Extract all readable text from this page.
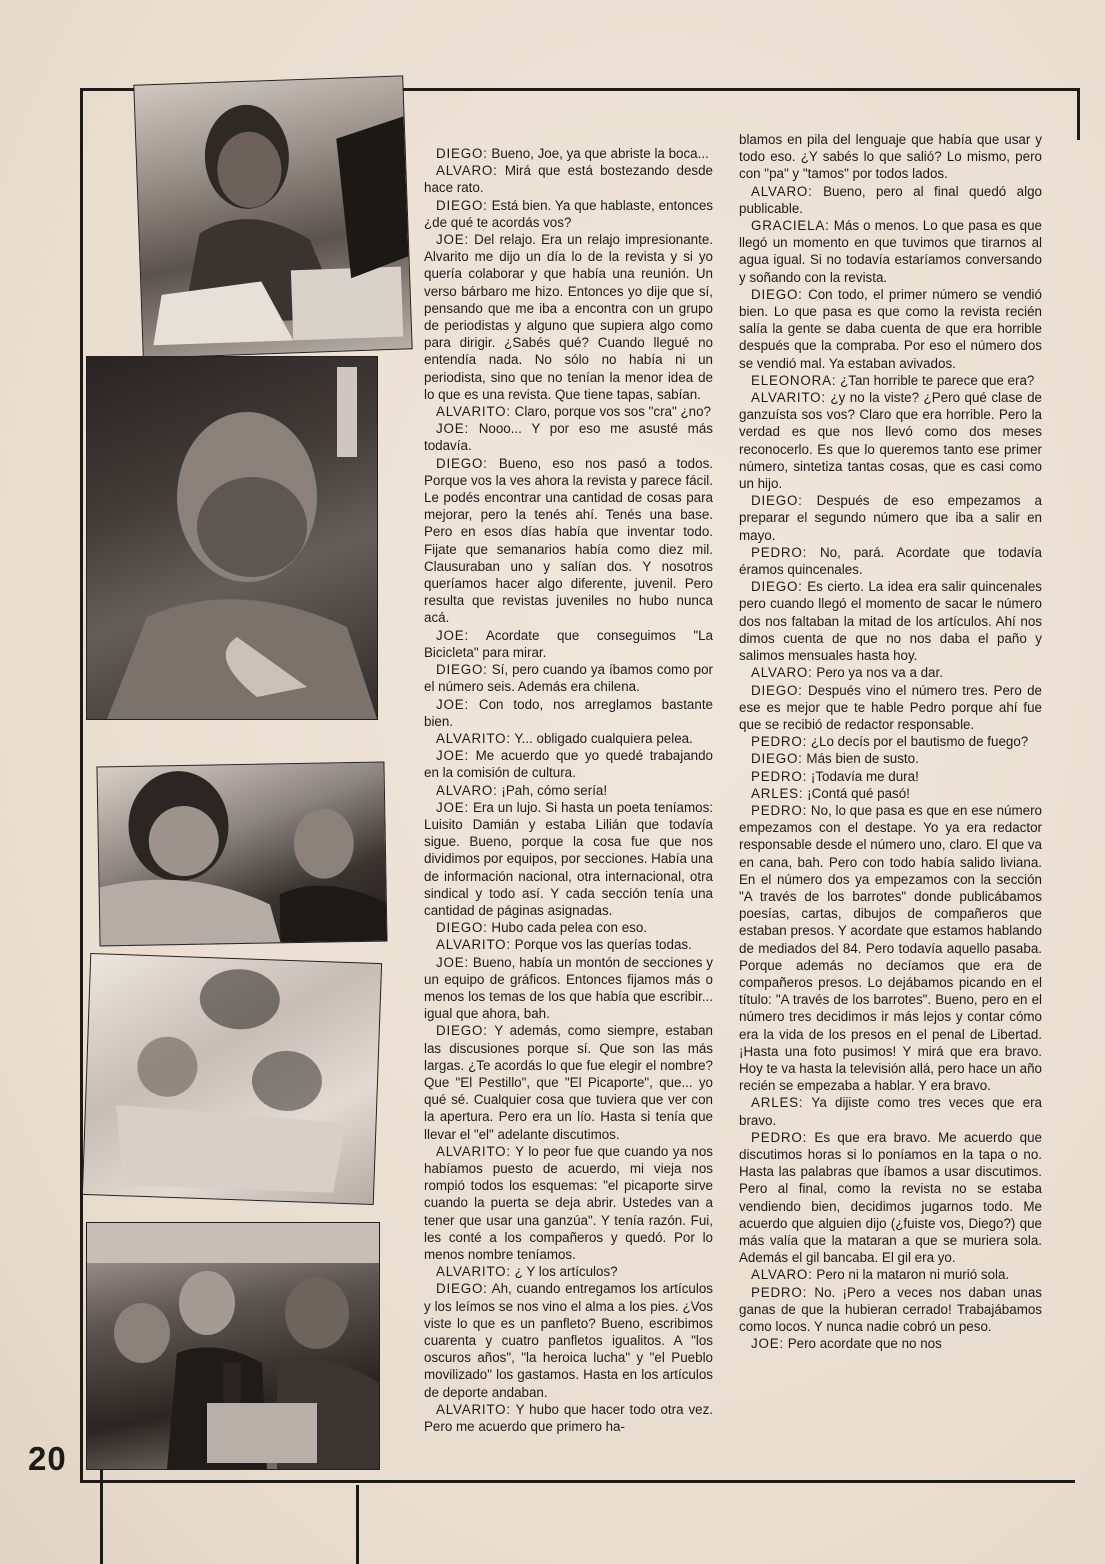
DIEGO: Bueno, Joe, ya que abriste la boca...

ALVARO: Mirá que está bostezando desde hace rato.

DIEGO: Está bien. Ya que hablaste, entonces ¿de qué te acordás vos?

JOE: Del relajo. Era un relajo impresionante. Alvarito me dijo un día lo de la revista y si yo quería colaborar y que había una reunión. Un verso bárbaro me hizo. Entonces yo dije que sí, pensando que me iba a encontra con un grupo de periodistas y alguno que supiera algo como para dirigir. ¿Sabés qué? Cuando llegué no entendía nada. No sólo no había ni un periodista, sino que no tenían la menor idea de lo que es una revista. Que tiene tapas, sabían.

ALVARITO: Claro, porque vos sos "cra" ¿no?

JOE: Nooo... Y por eso me asusté más todavía.

DIEGO: Bueno, eso nos pasó a todos. Porque vos la ves ahora la revista y parece fácil. Le podés encontrar una cantidad de cosas para mejorar, pero la tenés ahí. Tenés una base. Pero en esos días había que inventar todo. Fijate que semanarios había como diez mil. Clausuraban uno y salían dos. Y nosotros queríamos hacer algo diferente, juvenil. Pero resulta que revistas juveniles no hubo nunca acá.

JOE: Acordate que conseguimos "La Bicicleta" para mirar.

DIEGO: Sí, pero cuando ya íbamos como por el número seis. Además era chilena.

JOE: Con todo, nos arreglamos bastante bien.

ALVARITO: Y... obligado cualquiera pelea.

JOE: Me acuerdo que yo quedé trabajando en la comisión de cultura.

ALVARO: ¡Pah, cómo sería!

JOE: Era un lujo. Si hasta un poeta teníamos: Luisito Damián y estaba Lilián que todavía sigue. Bueno, porque la cosa fue que nos dividimos por equipos, por secciones. Había una de información nacional, otra internacional, otra sindical y todo así. Y cada sección tenía una cantidad de páginas asignadas.

DIEGO: Hubo cada pelea con eso.

ALVARITO: Porque vos las querías todas.

JOE: Bueno, había un montón de secciones y un equipo de gráficos. Entonces fijamos más o menos los temas de los que había que escribir... igual que ahora, bah.

DIEGO: Y además, como siempre, estaban las discusiones porque sí. Que son las más largas. ¿Te acordás lo que fue elegir el nombre? Que "El Pestillo", que "El Picaporte", que... yo qué sé. Cualquier cosa que tuviera que ver con la apertura. Pero era un lío. Hasta si tenía que llevar el "el" adelante discutimos.

ALVARITO: Y lo peor fue que cuando ya nos habíamos puesto de acuerdo, mi vieja nos rompió todos los esquemas: "el picaporte sirve cuando la puerta se deja abrir. Ustedes van a tener que usar una ganzúa". Y tenía razón. Fui, les conté a los compañeros y quedó. Por lo menos nombre teníamos.

ALVARITO: ¿ Y los artículos?

DIEGO: Ah, cuando entregamos los artículos y los leímos se nos vino el alma a los pies. ¿Vos viste lo que es un panfleto? Bueno, escribimos cuarenta y cuatro panfletos igualitos. A "los oscuros años", "la heroica lucha" y "el Pueblo movilizado" los gastamos. Hasta en los artículos de deporte andaban.

ALVARITO: Y hubo que hacer todo otra vez. Pero me acuerdo que primero ha-

blamos en pila del lenguaje que había que usar y todo eso. ¿Y sabés lo que salió? Lo mismo, pero con "pa" y "tamos" por todos lados.

ALVARO: Bueno, pero al final quedó algo publicable.

GRACIELA: Más o menos. Lo que pasa es que llegó un momento en que tuvimos que tirarnos al agua igual. Si no todavía estaríamos conversando y soñando con la revista.

DIEGO: Con todo, el primer número se vendió bien. Lo que pasa es que como la revista recién salía la gente se daba cuenta de que era horrible después que la compraba. Por eso el número dos se vendió mal. Ya estaban avivados.

ELEONORA: ¿Tan horrible te parece que era?

ALVARITO: ¿y no la viste? ¿Pero qué clase de ganzuísta sos vos? Claro que era horrible. Pero la verdad es que nos llevó como dos meses reconocerlo. Es que lo queremos tanto ese primer número, sintetiza tantas cosas, que es casi como un hijo.

DIEGO: Después de eso empezamos a preparar el segundo número que iba a salir en mayo.

PEDRO: No, pará. Acordate que todavía éramos quincenales.

DIEGO: Es cierto. La idea era salir quincenales pero cuando llegó el momento de sacar le número dos nos faltaban la mitad de los artículos. Ahí nos dimos cuenta de que no nos daba el paño y salimos mensuales hasta hoy.

ALVARO: Pero ya nos va a dar.

DIEGO: Después vino el número tres. Pero de ese es mejor que te hable Pedro porque ahí fue que se recibió de redactor responsable.

PEDRO: ¿Lo decís por el bautismo de fuego?

DIEGO: Más bien de susto.

PEDRO: ¡Todavía me dura!

ARLES: ¡Contá qué pasó!

PEDRO: No, lo que pasa es que en ese número empezamos con el destape. Yo ya era redactor responsable desde el número uno, claro. El que va en cana, bah. Pero con todo había salido liviana. En el número dos ya empezamos con la sección "A través de los barrotes" donde publicábamos poesías, cartas, dibujos de compañeros que estaban presos. Y acordate que estamos hablando de mediados del 84. Pero todavía aquello pasaba. Porque además no decíamos que era de compañeros presos. Lo dejábamos picando en el título: "A través de los barrotes". Bueno, pero en el número tres decidimos ir más lejos y contar cómo era la vida de los presos en el penal de Libertad. ¡Hasta una foto pusimos! Y mirá que era bravo. Hoy te va hasta la televisión allá, pero hace un año recién se empezaba a hablar. Y era bravo.

ARLES: Ya dijiste como tres veces que era bravo.

PEDRO: Es que era bravo. Me acuerdo que discutimos horas si lo poníamos en la tapa o no. Hasta las palabras que íbamos a usar discutimos. Pero al final, como la revista no se estaba vendiendo bien, decidimos jugarnos todo. Me acuerdo que alguien dijo (¿fuiste vos, Diego?) que más valía que la mataran a que se muriera sola. Además el gil bancaba. El gil era yo.

ALVARO: Pero ni la mataron ni murió sola.

PEDRO: No. ¡Pero a veces nos daban unas ganas de que la hubieran cerrado! Trabajábamos como locos. Y nunca nadie cobró un peso.

JOE: Pero acordate que no nos

20
